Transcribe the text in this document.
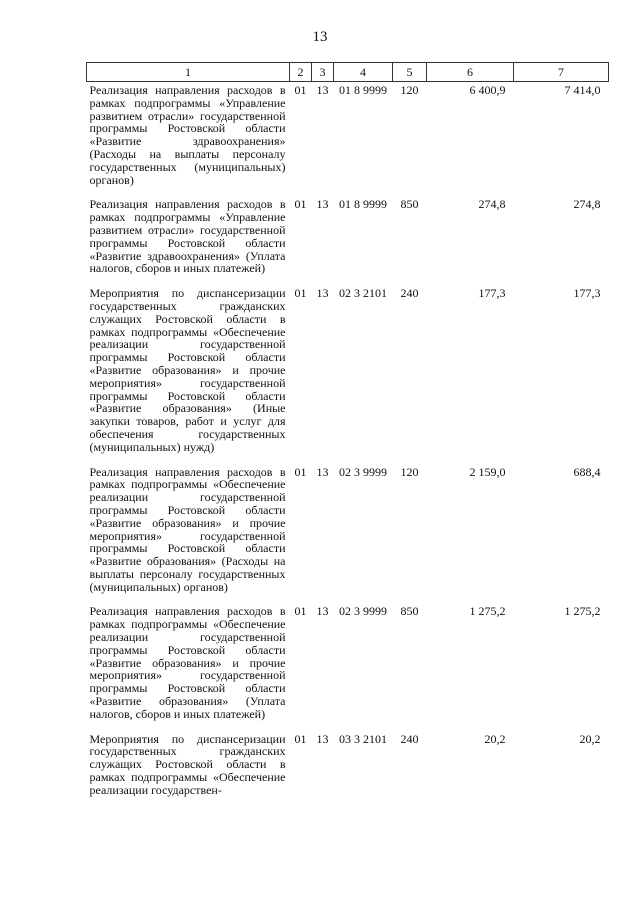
13
1	2	3	4	5	6	7
Реализация направления расходов в рамках подпрограммы «Управление развитием отрасли» государственной программы Ростовской области «Развитие здравоохранения» (Расходы на выплаты персоналу государственных (муниципальных) органов)	01	13	01 8 9999	120	6 400,9	7 414,0
Реализация направления расходов в рамках подпрограммы «Управление развитием отрасли» государственной программы Ростовской области «Развитие здравоохранения» (Уплата налогов, сборов и иных платежей)	01	13	01 8 9999	850	274,8	274,8
Мероприятия по диспансеризации государственных гражданских служащих Ростовской области в рамках подпрограммы «Обеспечение реализации государственной программы Ростовской области «Развитие образования» и прочие мероприятия» государственной программы Ростовской области «Развитие образования» (Иные закупки товаров, работ и услуг для обеспечения государственных (муниципальных) нужд)	01	13	02 3 2101	240	177,3	177,3
Реализация направления расходов в рамках подпрограммы «Обеспечение реализации государственной программы Ростовской области «Развитие образования» и прочие мероприятия» государственной программы Ростовской области «Развитие образования» (Расходы на выплаты персоналу государственных (муниципальных) органов)	01	13	02 3 9999	120	2 159,0	688,4
Реализация направления расходов в рамках подпрограммы «Обеспечение реализации государственной программы Ростовской области «Развитие образования» и прочие мероприятия» государственной программы Ростовской области «Развитие образования» (Уплата налогов, сборов и иных платежей)	01	13	02 3 9999	850	1 275,2	1 275,2
Мероприятия по диспансеризации государственных гражданских служащих Ростовской области в рамках подпрограммы «Обеспечение реализации государствен-	01	13	03 3 2101	240	20,2	20,2
